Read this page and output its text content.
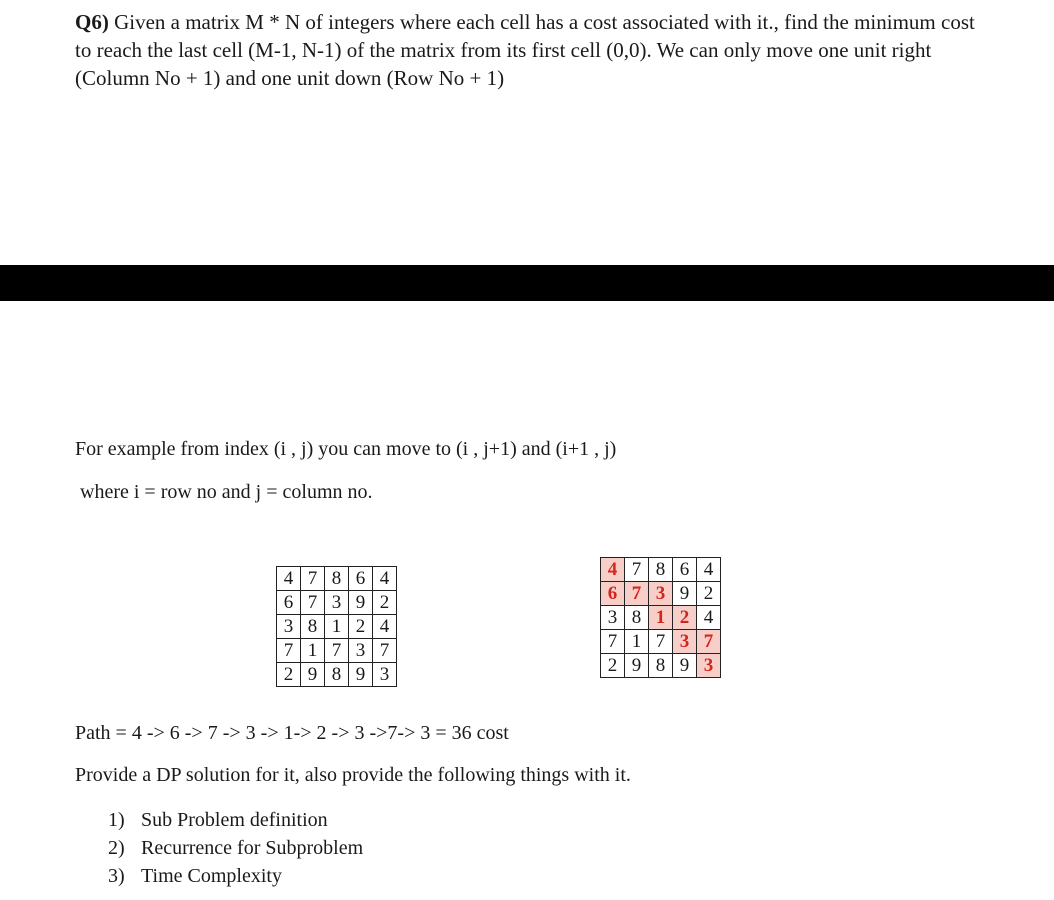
Q6) Given a matrix M * N of integers where each cell has a cost associated with it., find the minimum cost to reach the last cell (M-1, N-1) of the matrix from its first cell (0,0). We can only move one unit right (Column No + 1) and one unit down (Row No + 1)

For example from index (i , j) you can move to (i , j+1) and (i+1 , j)

where i = row no and j = column no.

4	7	8	6	4
6	7	3	9	2
3	8	1	2	4
7	1	7	3	7
2	9	8	9	3
4	7	8	6	4
6	7	3	9	2
3	8	1	2	4
7	1	7	3	7
2	9	8	9	3

Path = 4 -> 6 -> 7 -> 3 -> 1-> 2 -> 3 ->7-> 3 = 36 cost

Provide a DP solution for it, also provide the following things with it.

1) Sub Problem definition
2) Recurrence for Subproblem
3) Time Complexity
